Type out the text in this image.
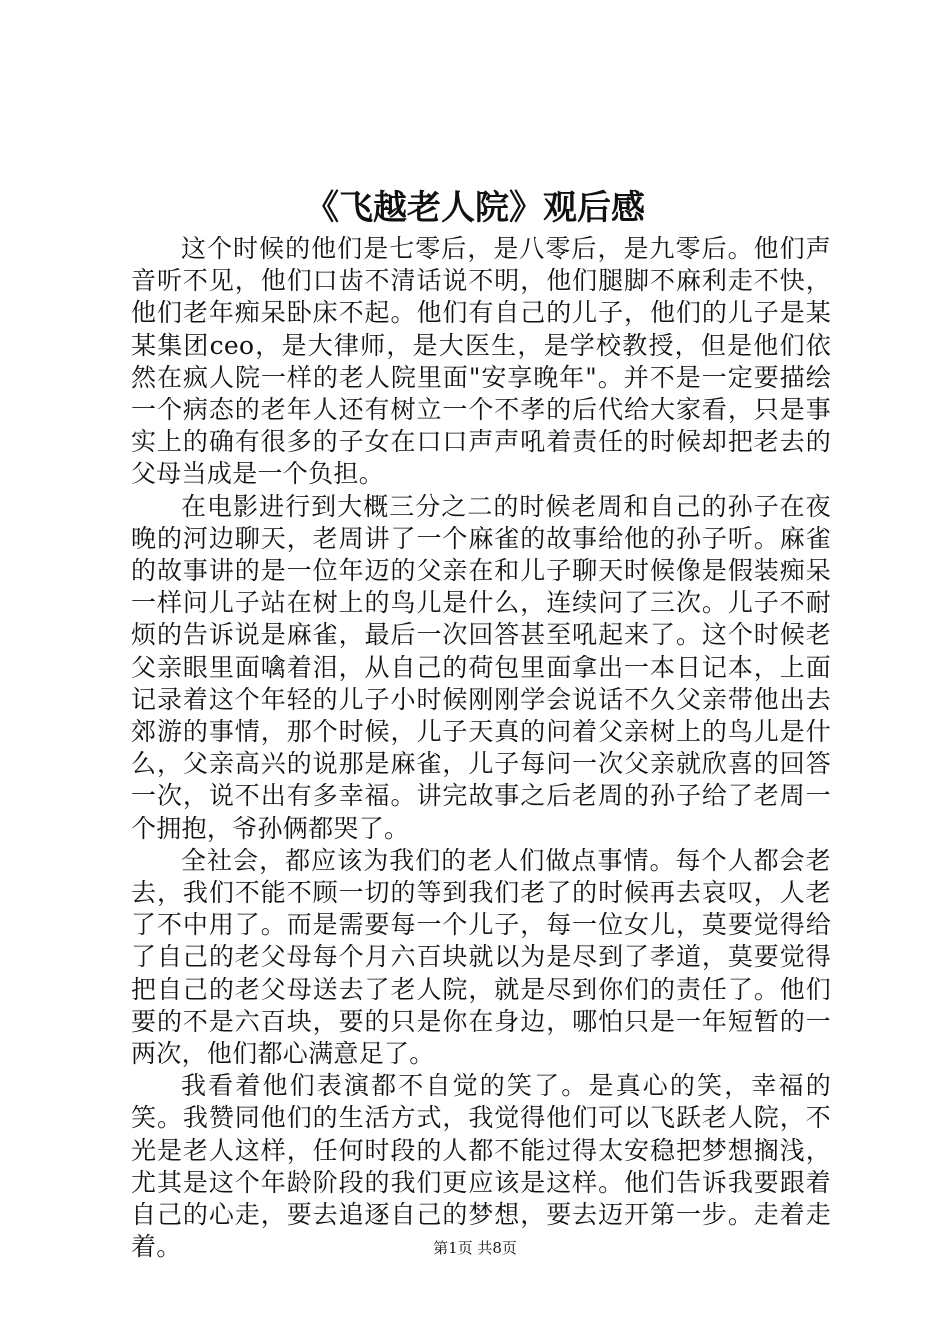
《飞越老人院》观后感

这个时候的他们是七零后，是八零后，是九零后。他们声音听不见，他们口齿不清话说不明，他们腿脚不麻利走不快，他们老年痴呆卧床不起。他们有自己的儿子，他们的儿子是某某集团ceo，是大律师，是大医生，是学校教授，但是他们依然在疯人院一样的老人院里面"安享晚年"。并不是一定要描绘一个病态的老年人还有树立一个不孝的后代给大家看，只是事实上的确有很多的子女在口口声声吼着责任的时候却把老去的父母当成是一个负担。

在电影进行到大概三分之二的时候老周和自己的孙子在夜晚的河边聊天，老周讲了一个麻雀的故事给他的孙子听。麻雀的故事讲的是一位年迈的父亲在和儿子聊天时候像是假装痴呆一样问儿子站在树上的鸟儿是什么，连续问了三次。儿子不耐烦的告诉说是麻雀，最后一次回答甚至吼起来了。这个时候老父亲眼里面噙着泪，从自己的荷包里面拿出一本日记本，上面记录着这个年轻的儿子小时候刚刚学会说话不久父亲带他出去郊游的事情，那个时候，儿子天真的问着父亲树上的鸟儿是什么，父亲高兴的说那是麻雀，儿子每问一次父亲就欣喜的回答一次，说不出有多幸福。讲完故事之后老周的孙子给了老周一个拥抱，爷孙俩都哭了。

全社会，都应该为我们的老人们做点事情。每个人都会老去，我们不能不顾一切的等到我们老了的时候再去哀叹，人老了不中用了。而是需要每一个儿子，每一位女儿，莫要觉得给了自己的老父母每个月六百块就以为是尽到了孝道，莫要觉得把自己的老父母送去了老人院，就是尽到你们的责任了。他们要的不是六百块，要的只是你在身边，哪怕只是一年短暂的一两次，他们都心满意足了。

我看着他们表演都不自觉的笑了。是真心的笑，幸福的笑。我赞同他们的生活方式，我觉得他们可以飞跃老人院，不光是老人这样，任何时段的人都不能过得太安稳把梦想搁浅，尤其是这个年龄阶段的我们更应该是这样。他们告诉我要跟着自己的心走，要去追逐自己的梦想，要去迈开第一步。走着走着。	第1页 共8页
